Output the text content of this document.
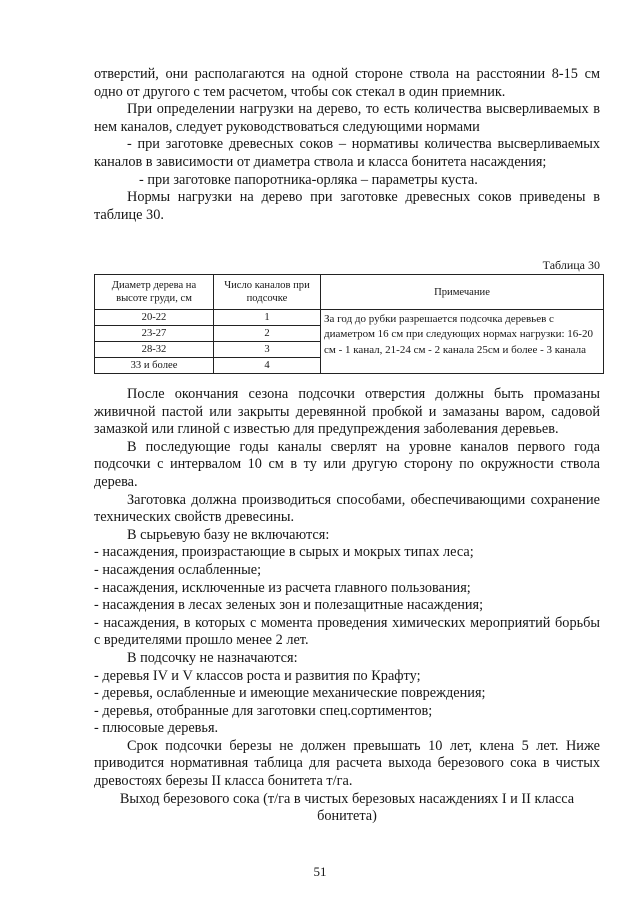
отверстий, они располагаются на одной стороне ствола на расстоянии 8-15 см одно от другого с тем расчетом, чтобы сок стекал в один приемник.

При определении нагрузки на дерево, то есть количества высверливаемых в нем каналов, следует руководствоваться следующими нормами

- при заготовке древесных соков – нормативы количества высверливаемых каналов в зависимости от диаметра ствола и класса бонитета насаждения;

- при заготовке папоротника-орляка – параметры куста.

Нормы нагрузки на дерево при заготовке древесных соков приведены в таблице 30.

Таблица 30
Диаметр дерева на высоте груди, см	Число каналов при подсочке	Примечание
20-22	1	За год до рубки разрешается подсочка деревьев с диаметром 16 см при следующих нормах нагрузки: 16-20 см - 1 канал, 21-24 см - 2 канала 25см и более - 3 канала
23-27	2	
28-32	3	
33 и более	4	

После окончания сезона подсочки отверстия должны быть промазаны живичной пастой или закрыты деревянной пробкой и замазаны варом, садовой замазкой или глиной с известью для предупреждения заболевания деревьев.

В последующие годы каналы сверлят на уровне каналов первого года подсочки с интервалом 10 см в ту или другую сторону по окружности ствола дерева.

Заготовка должна производиться способами, обеспечивающими сохранение технических свойств древесины.

В сырьевую базу не включаются:

- насаждения, произрастающие в сырых и мокрых типах леса;

- насаждения ослабленные;

- насаждения, исключенные из расчета главного пользования;

- насаждения в лесах зеленых зон и полезащитные насаждения;

- насаждения, в которых с момента проведения химических мероприятий борьбы с вредителями прошло менее 2 лет.

В подсочку не назначаются:

- деревья IV и V классов роста и развития по Крафту;

- деревья, ослабленные и имеющие механические повреждения;

- деревья, отобранные для заготовки спец.сортиментов;

- плюсовые деревья.

Срок подсочки березы не должен превышать 10 лет, клена 5 лет. Ниже приводится нормативная таблица для расчета выхода березового сока в чистых древостоях березы II класса бонитета т/га.

Выход березового сока (т/га в чистых березовых насаждениях I и II класса бонитета)

51
